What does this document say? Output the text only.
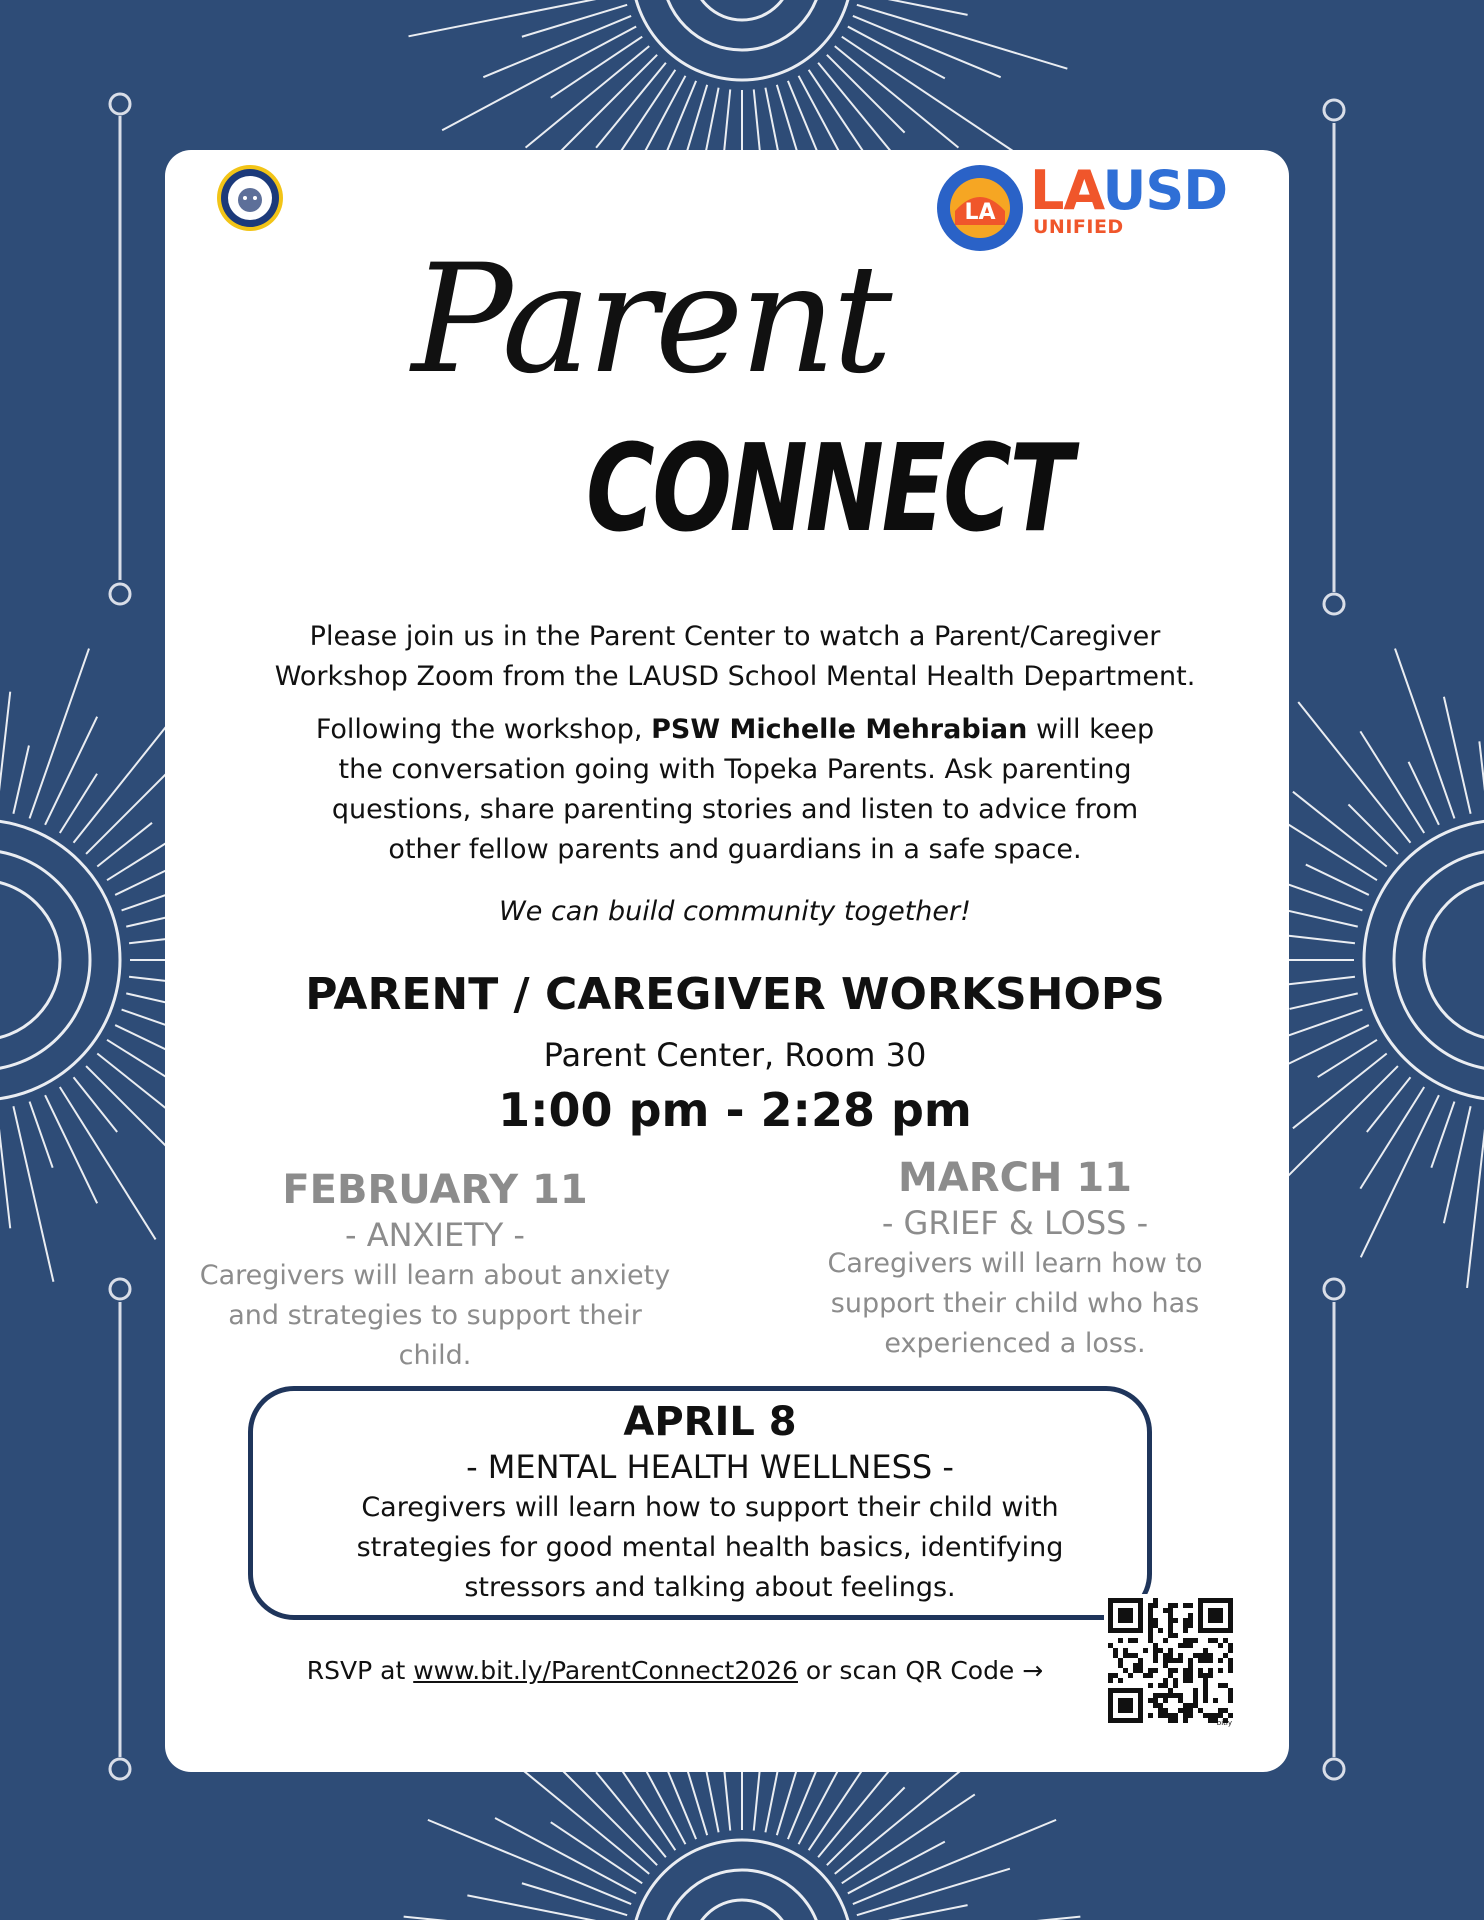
LA LAUSD
UNIFIED
Parent
CONNECT
Please join us in the Parent Center to watch a Parent/Caregiver Workshop Zoom from the LAUSD School Mental Health Department.
Following the workshop, PSW Michelle Mehrabian will keep the conversation going with Topeka Parents. Ask parenting questions, share parenting stories and listen to advice from other fellow parents and guardians in a safe space.
We can build community together!
PARENT / CAREGIVER WORKSHOPS
Parent Center, Room 30
1:00 pm - 2:28 pm
FEBRUARY 11
- ANXIETY -
Caregivers will learn about anxiety and strategies to support their child.
MARCH 11
- GRIEF & LOSS -
Caregivers will learn how to support their child who has experienced a loss.
APRIL 8
- MENTAL HEALTH WELLNESS -
Caregivers will learn how to support their child with strategies for good mental health basics, identifying stressors and talking about feelings.
RSVP at www.bit.ly/ParentConnect2026 or scan QR Code →
bitly
